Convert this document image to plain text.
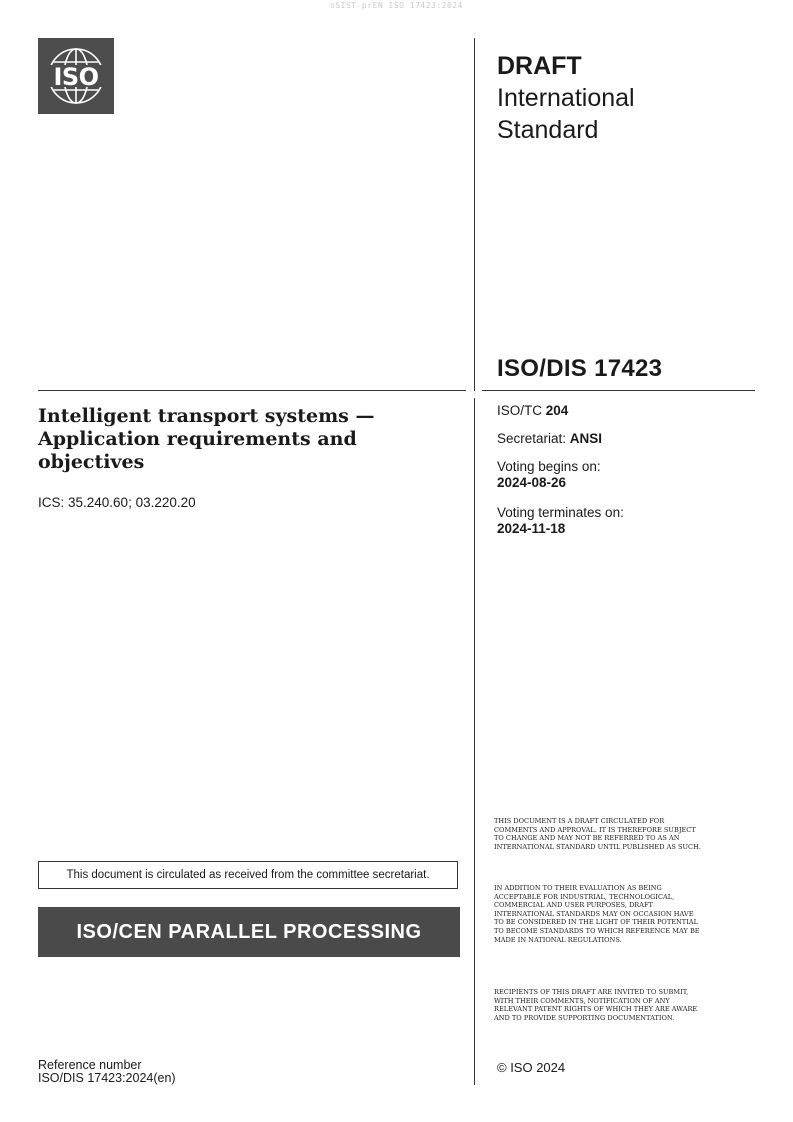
oSIST prEN ISO 17423:2024
ISO	DRAFT
International
Standard
ISO/DIS 17423
Intelligent transport systems — Application requirements and objectives
ICS: 35.240.60; 03.220.20
ISO/TC 204
Secretariat: ANSI
Voting begins on:
2024-08-26
Voting terminates on:
2024-11-18
This document is circulated as received from the committee secretariat.
ISO/CEN PARALLEL PROCESSING
THIS DOCUMENT IS A DRAFT CIRCULATED FOR COMMENTS AND APPROVAL. IT IS THEREFORE SUBJECT TO CHANGE AND MAY NOT BE REFERRED TO AS AN INTERNATIONAL STANDARD UNTIL PUBLISHED AS SUCH.
IN ADDITION TO THEIR EVALUATION AS BEING ACCEPTABLE FOR INDUSTRIAL, TECHNOLOGICAL, COMMERCIAL AND USER PURPOSES, DRAFT INTERNATIONAL STANDARDS MAY ON OCCASION HAVE TO BE CONSIDERED IN THE LIGHT OF THEIR POTENTIAL TO BECOME STANDARDS TO WHICH REFERENCE MAY BE MADE IN NATIONAL REGULATIONS.
RECIPIENTS OF THIS DRAFT ARE INVITED TO SUBMIT, WITH THEIR COMMENTS, NOTIFICATION OF ANY RELEVANT PATENT RIGHTS OF WHICH THEY ARE AWARE AND TO PROVIDE SUPPORTING DOCUMENTATION.
© ISO 2024
Reference number
ISO/DIS 17423:2024(en)
